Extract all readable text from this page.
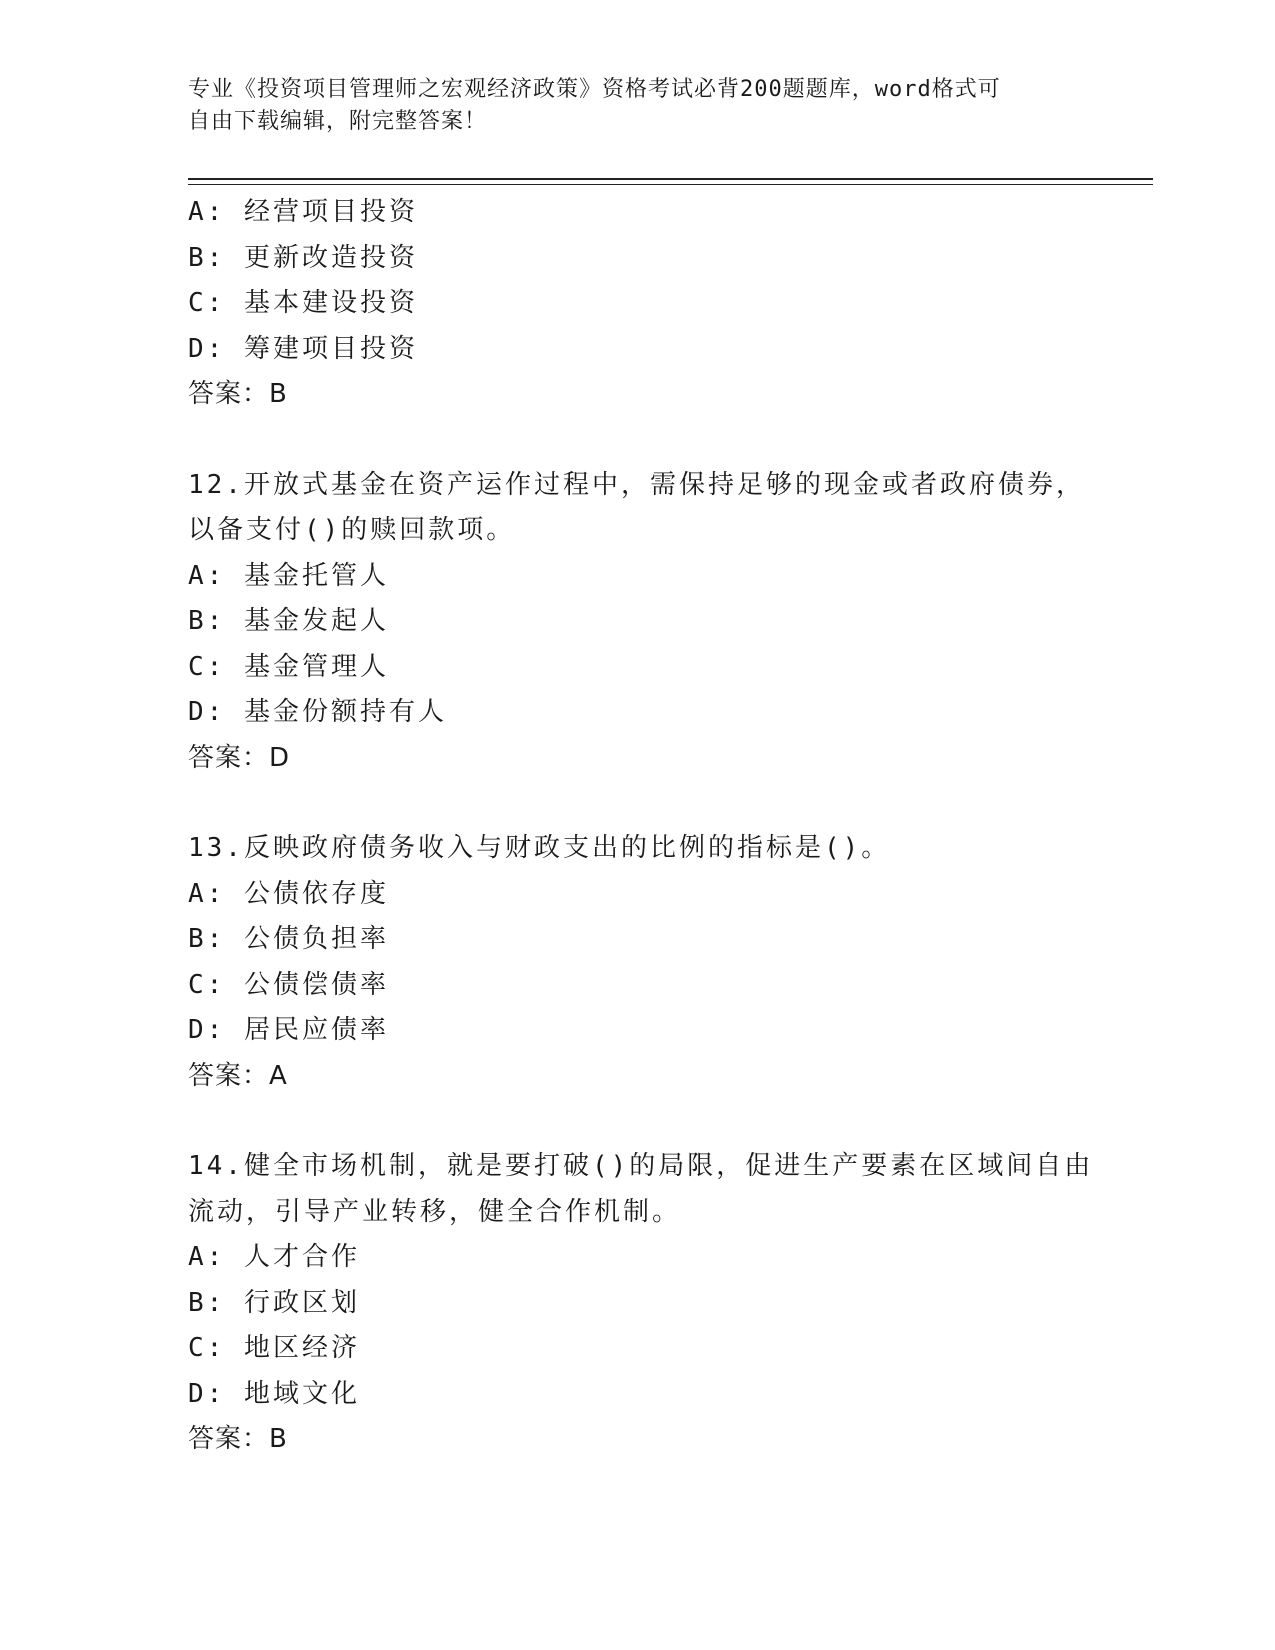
专业《投资项目管理师之宏观经济政策》资格考试必背200题题库，word格式可
自由下载编辑，附完整答案！
A: 经营项目投资
B: 更新改造投资
C: 基本建设投资
D: 筹建项目投资
答案：B
12.开放式基金在资产运作过程中，需保持足够的现金或者政府债券，
以备支付()的赎回款项。
A: 基金托管人
B: 基金发起人
C: 基金管理人
D: 基金份额持有人
答案：D
13.反映政府债务收入与财政支出的比例的指标是()。
A: 公债依存度
B: 公债负担率
C: 公债偿债率
D: 居民应债率
答案：A
14.健全市场机制，就是要打破()的局限，促进生产要素在区域间自由
流动，引导产业转移，健全合作机制。
A: 人才合作
B: 行政区划
C: 地区经济
D: 地域文化
答案：B
